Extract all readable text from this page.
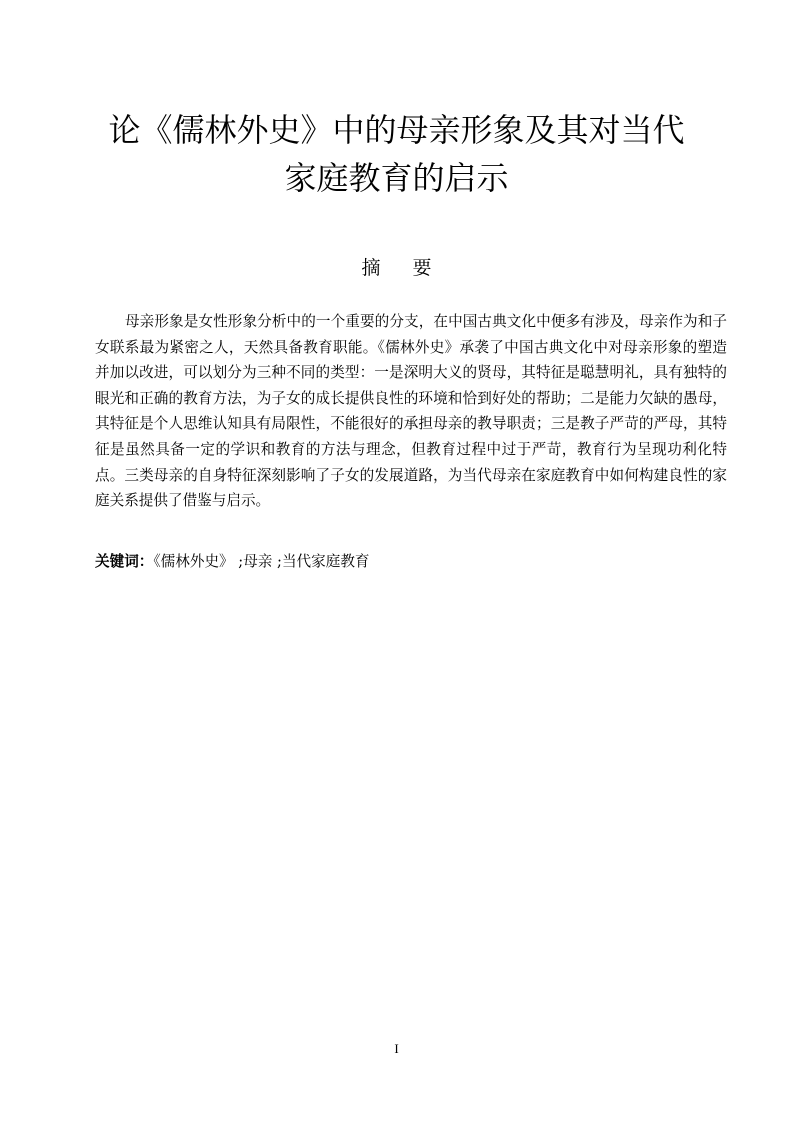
论《儒林外史》中的母亲形象及其对当代
家庭教育的启示
摘要

母亲形象是女性形象分析中的一个重要的分支，在中国古典文化中便多有涉及，母亲作为和子女联系最为紧密之人，天然具备教育职能。《儒林外史》承袭了中国古典文化中对母亲形象的塑造并加以改进，可以划分为三种不同的类型：一是深明大义的贤母，其特征是聪慧明礼，具有独特的眼光和正确的教育方法，为子女的成长提供良性的环境和恰到好处的帮助；二是能力欠缺的愚母，其特征是个人思维认知具有局限性，不能很好的承担母亲的教导职责；三是教子严苛的严母，其特征是虽然具备一定的学识和教育的方法与理念，但教育过程中过于严苛，教育行为呈现功利化特点。三类母亲的自身特征深刻影响了子女的发展道路，为当代母亲在家庭教育中如何构建良性的家庭关系提供了借鉴与启示。

关键词：《儒林外史》 ;母亲 ;当代家庭教育

I
